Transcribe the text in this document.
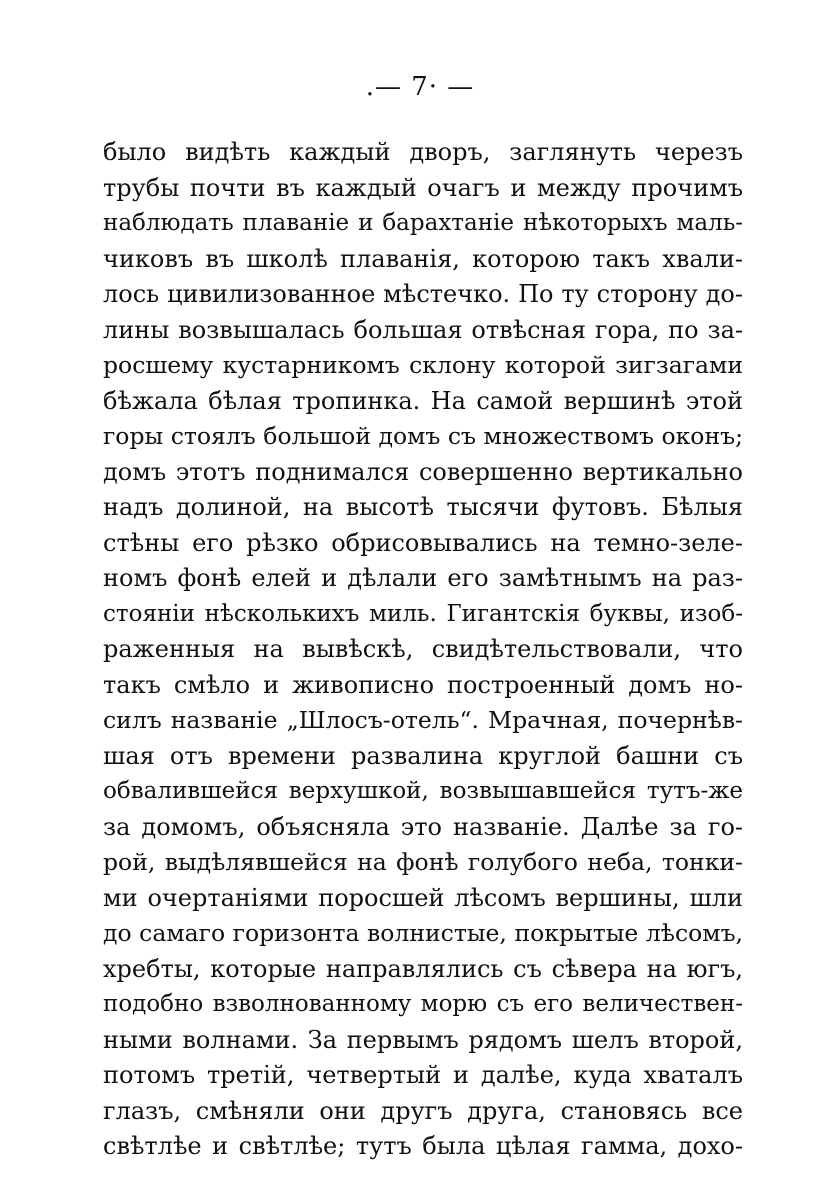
.— 7· —
было видѣть каждый дворъ, заглянуть черезъ
трубы почти въ каждый очагъ и между прочимъ
наблюдать плаваніе и барахтаніе нѣкоторыхъ маль-
чиковъ въ школѣ плаванія, которою такъ хвали-
лось цивилизованное мѣстечко. По ту сторону до-
лины возвышалась большая отвѣсная гора, по за-
росшему кустарникомъ склону которой зигзагами
бѣжала бѣлая тропинка. На самой вершинѣ этой
горы стоялъ большой домъ съ множествомъ оконъ;
домъ этотъ поднимался совершенно вертикально
надъ долиной, на высотѣ тысячи футовъ. Бѣлыя
стѣны его рѣзко обрисовывались на темно-зеле-
номъ фонѣ елей и дѣлали его замѣтнымъ на раз-
стояніи нѣсколькихъ миль. Гигантскія буквы, изоб-
раженныя на вывѣскѣ, свидѣтельствовали, что
такъ смѣло и живописно построенный домъ но-
силъ названіе „Шлосъ-отель“. Мрачная, почернѣв-
шая отъ времени развалина круглой башни съ
обвалившейся верхушкой, возвышавшейся тутъ-же
за домомъ, объясняла это названіе. Далѣе за го-
рой, выдѣлявшейся на фонѣ голубого неба, тонки-
ми очертаніями поросшей лѣсомъ вершины, шли
до самаго горизонта волнистые, покрытые лѣсомъ,
хребты, которые направлялись съ сѣвера на югъ,
подобно взволнованному морю съ его величествен-
ными волнами. За первымъ рядомъ шелъ второй,
потомъ третій, четвертый и далѣе, куда хваталъ
глазъ, смѣняли они другъ друга, становясь все
свѣтлѣе и свѣтлѣе; тутъ была цѣлая гамма, дохо-
